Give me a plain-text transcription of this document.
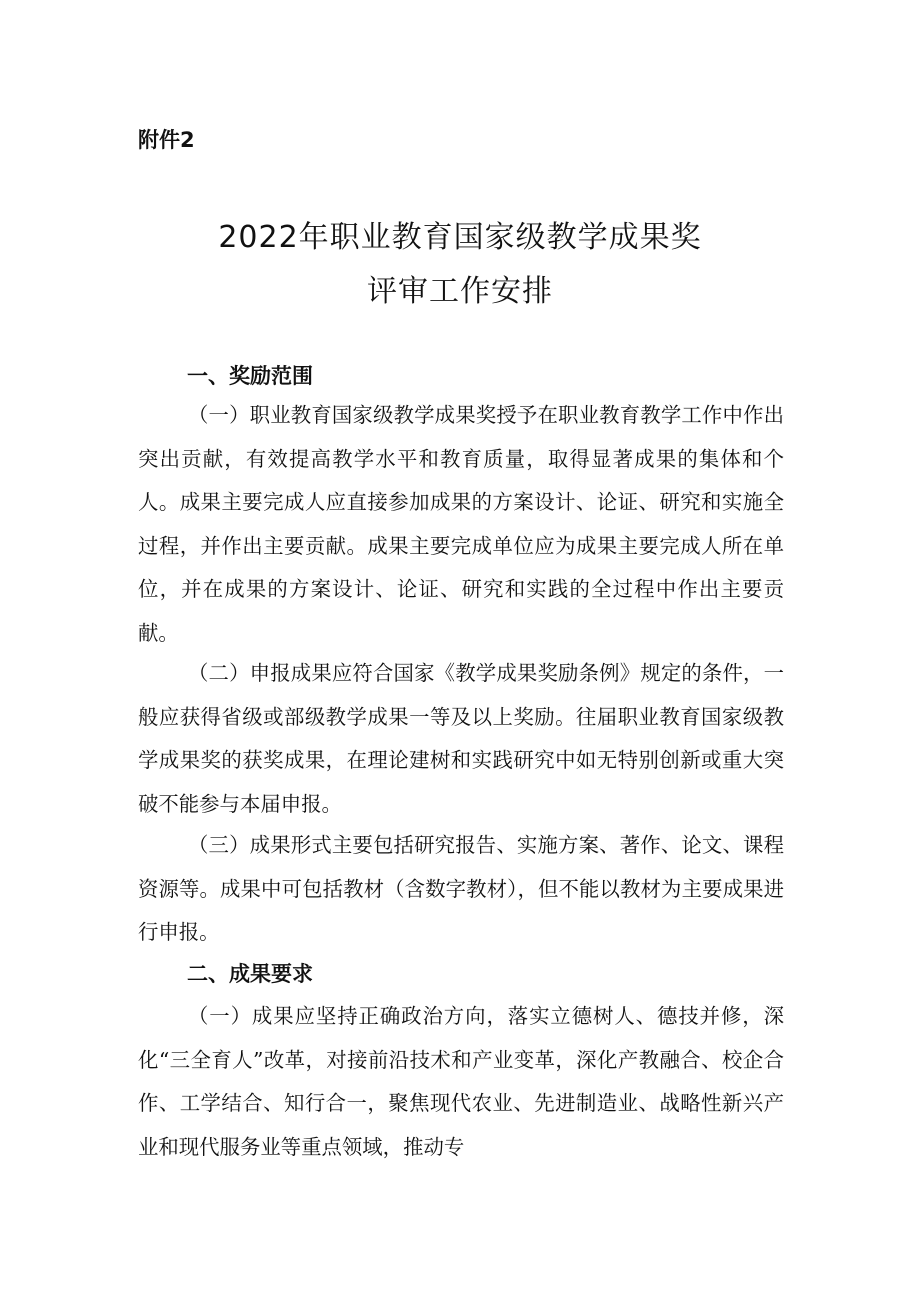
附件2
2022年职业教育国家级教学成果奖
评审工作安排
一、奖励范围

（一）职业教育国家级教学成果奖授予在职业教育教学工作中作出突出贡献，有效提高教学水平和教育质量，取得显著成果的集体和个人。成果主要完成人应直接参加成果的方案设计、论证、研究和实施全过程，并作出主要贡献。成果主要完成单位应为成果主要完成人所在单位，并在成果的方案设计、论证、研究和实践的全过程中作出主要贡献。

（二）申报成果应符合国家《教学成果奖励条例》规定的条件，一般应获得省级或部级教学成果一等及以上奖励。往届职业教育国家级教学成果奖的获奖成果，在理论建树和实践研究中如无特别创新或重大突破不能参与本届申报。

（三）成果形式主要包括研究报告、实施方案、著作、论文、课程资源等。成果中可包括教材（含数字教材），但不能以教材为主要成果进行申报。

二、成果要求

（一）成果应坚持正确政治方向，落实立德树人、德技并修，深化“三全育人”改革，对接前沿技术和产业变革，深化产教融合、校企合作、工学结合、知行合一，聚焦现代农业、先进制造业、战略性新兴产业和现代服务业等重点领域，推动专
